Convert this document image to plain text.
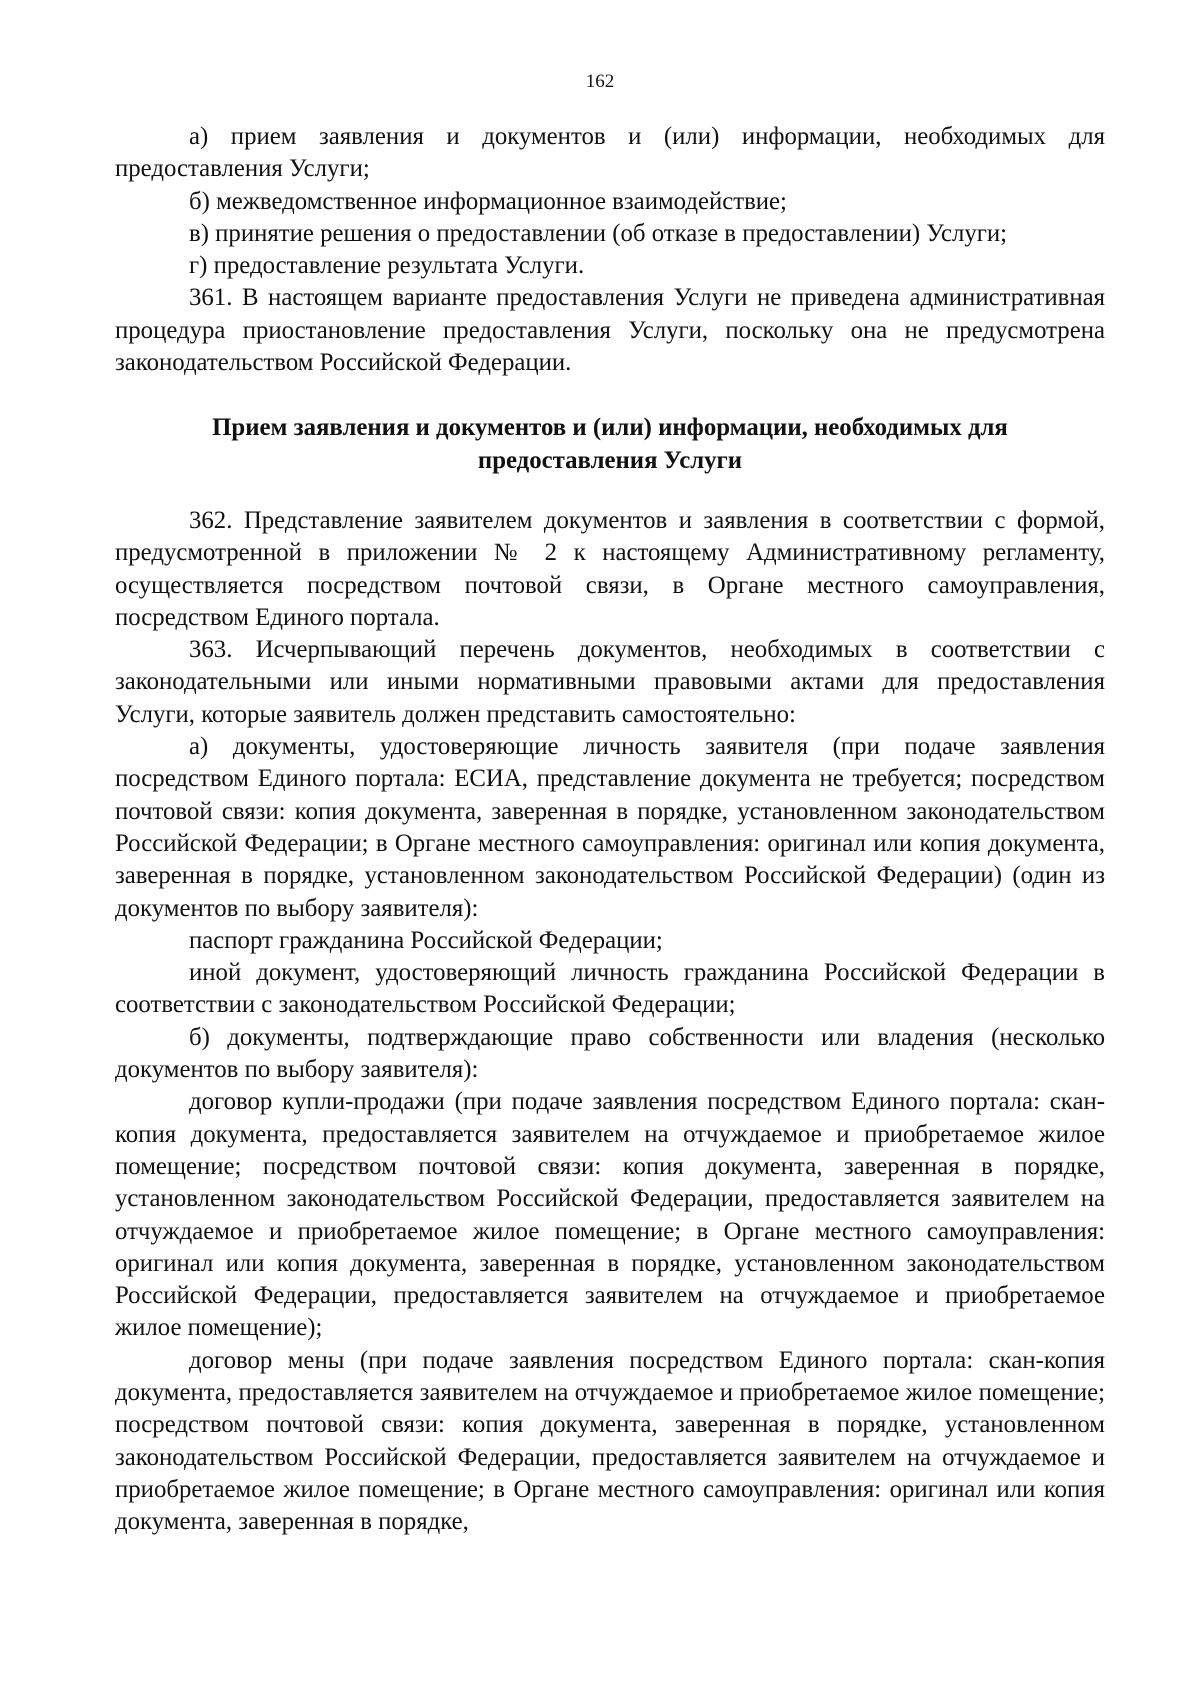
162

а) прием заявления и документов и (или) информации, необходимых для предоставления Услуги;

б) межведомственное информационное взаимодействие;

в) принятие решения о предоставлении (об отказе в предоставлении) Услуги;

г) предоставление результата Услуги.

361. В настоящем варианте предоставления Услуги не приведена административная процедура приостановление предоставления Услуги, поскольку она не предусмотрена законодательством Российской Федерации.

Прием заявления и документов и (или) информации, необходимых для предоставления Услуги

362. Представление заявителем документов и заявления в соответствии с формой, предусмотренной в приложении № 2 к настоящему Административному регламенту, осуществляется посредством почтовой связи, в Органе местного самоуправления, посредством Единого портала.

363. Исчерпывающий перечень документов, необходимых в соответствии с законодательными или иными нормативными правовыми актами для предоставления Услуги, которые заявитель должен представить самостоятельно:

а) документы, удостоверяющие личность заявителя (при подаче заявления посредством Единого портала: ЕСИА, представление документа не требуется; посредством почтовой связи: копия документа, заверенная в порядке, установленном законодательством Российской Федерации; в Органе местного самоуправления: оригинал или копия документа, заверенная в порядке, установленном законодательством Российской Федерации) (один из документов по выбору заявителя):

паспорт гражданина Российской Федерации;

иной документ, удостоверяющий личность гражданина Российской Федерации в соответствии с законодательством Российской Федерации;

б) документы, подтверждающие право собственности или владения (несколько документов по выбору заявителя):

договор купли-продажи (при подаче заявления посредством Единого портала: скан-копия документа, предоставляется заявителем на отчуждаемое и приобретаемое жилое помещение; посредством почтовой связи: копия документа, заверенная в порядке, установленном законодательством Российской Федерации, предоставляется заявителем на отчуждаемое и приобретаемое жилое помещение; в Органе местного самоуправления: оригинал или копия документа, заверенная в порядке, установленном законодательством Российской Федерации, предоставляется заявителем на отчуждаемое и приобретаемое жилое помещение);

договор мены (при подаче заявления посредством Единого портала: скан-копия документа, предоставляется заявителем на отчуждаемое и приобретаемое жилое помещение; посредством почтовой связи: копия документа, заверенная в порядке, установленном законодательством Российской Федерации, предоставляется заявителем на отчуждаемое и приобретаемое жилое помещение; в Органе местного самоуправления: оригинал или копия документа, заверенная в порядке,
